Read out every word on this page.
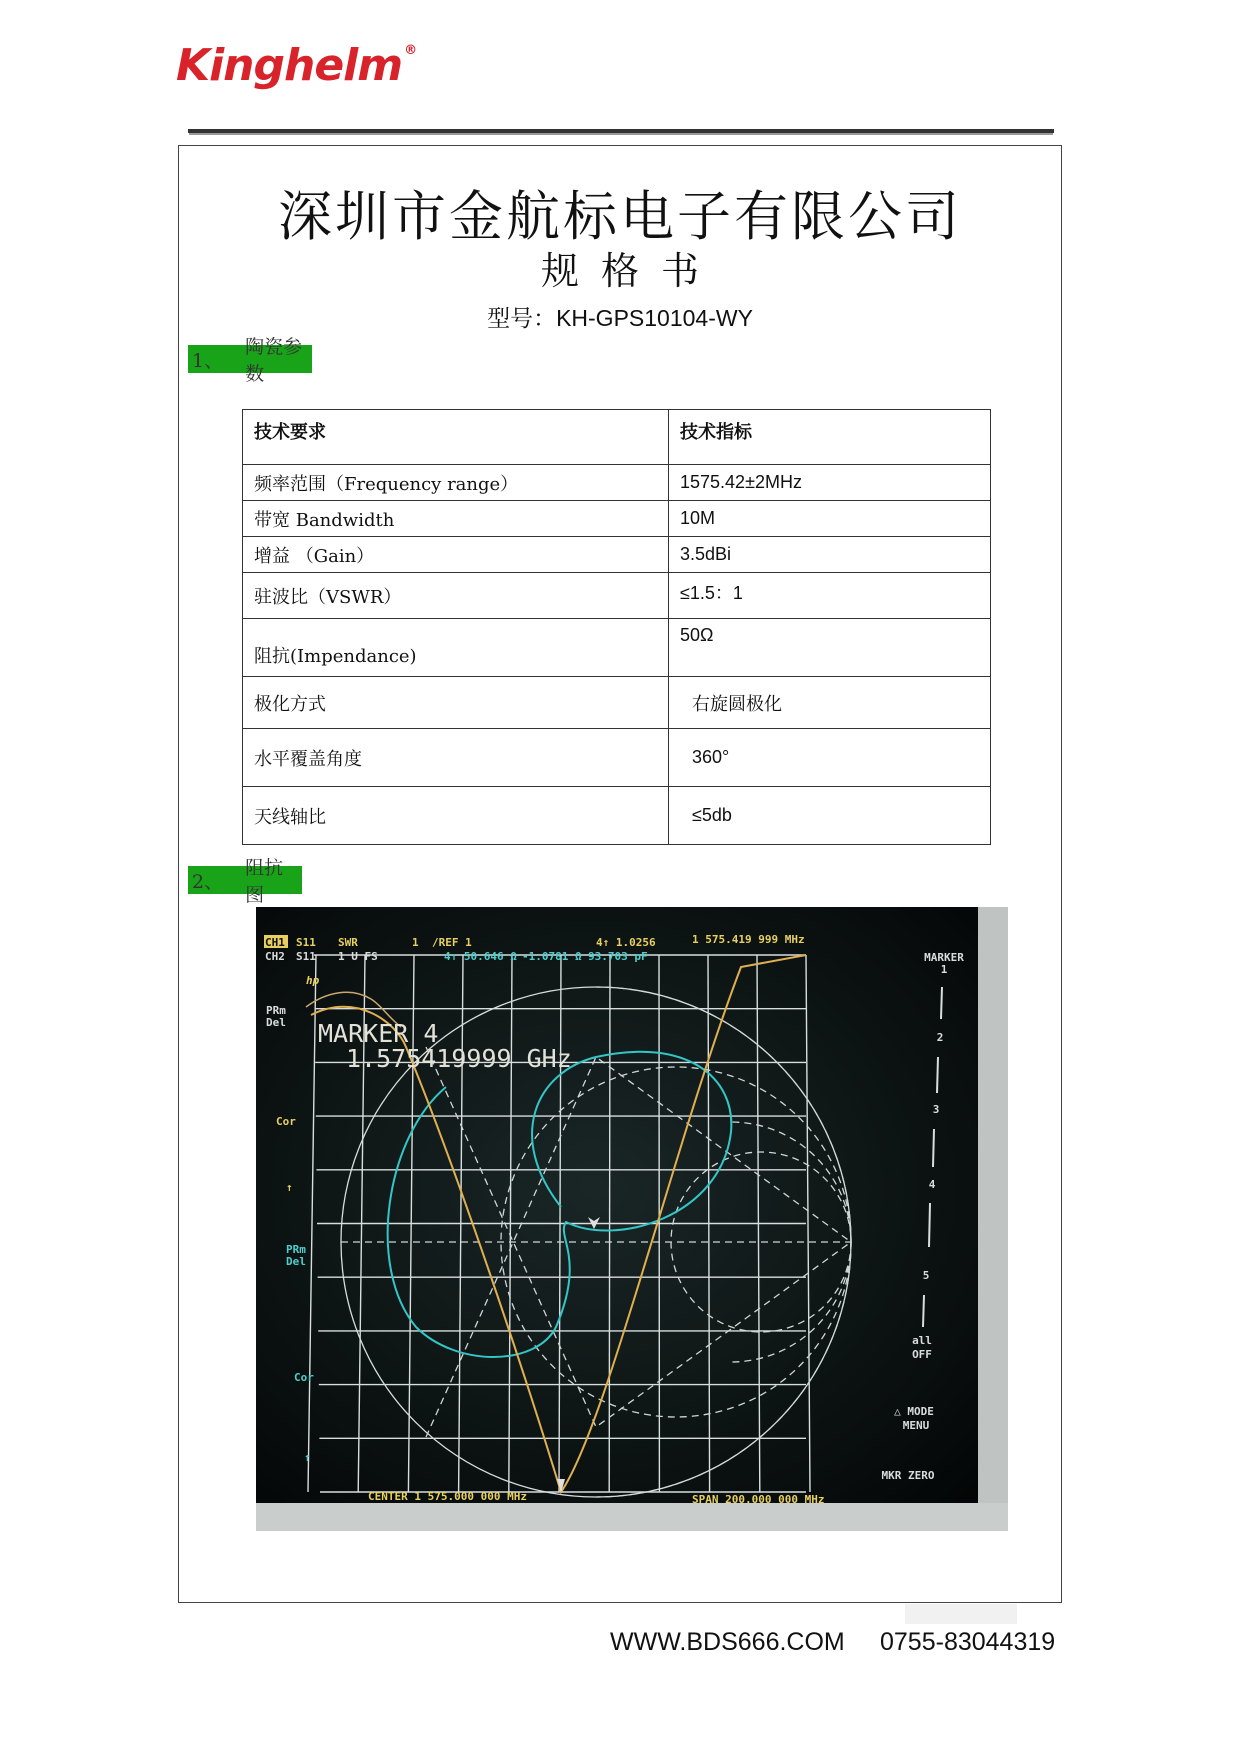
Kinghelm ®
深圳市金航标电子有限公司
规格书
型号：KH-GPS10104-WY
1、
陶瓷参数
技术要求	技术指标
频率范围（Frequency range）	1575.42±2MHz
带宽 Bandwidth	10M
增益 （Gain）	3.5dBi
驻波比（VSWR）	≤1.5：1
阻抗(Impendance)	50Ω
极化方式	右旋圆极化
水平覆盖角度	360°
天线轴比	≤5db
2、
阻抗图
CH1
CH2
S11
S11
SWR
1 U FS
1 /REF 1	4↑ 1.0256	1 575.419 999 MHz
4↑ 50.646 Ω -1.0781 Ω 93.703 pF
hp
MARKER 4
1.575419999 GHz
PRm
Del
Cor
↑
PRm
Del
Cor
↑
MARKER
1
2
3
4
5
all
OFF
△ MODE
MENU
MKR ZERO
CENTER 1 575.000 000 MHz	SPAN 200.000 000 MHz
WWW.BDS666.COM 0755-83044319
